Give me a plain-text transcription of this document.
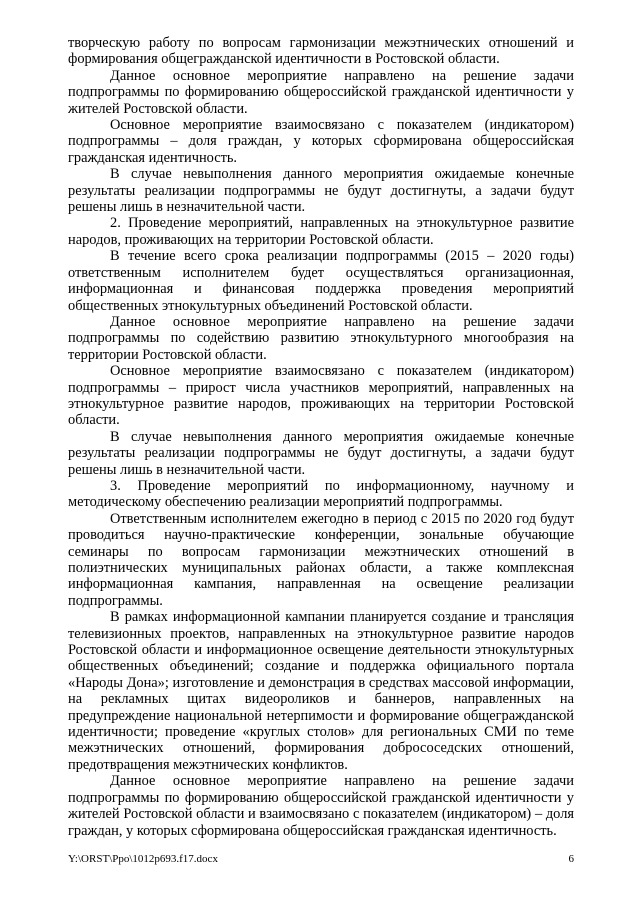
творческую работу по вопросам гармонизации межэтнических отношений и формирования общегражданской идентичности в Ростовской области.

Данное основное мероприятие направлено на решение задачи подпрограммы по формированию общероссийской гражданской идентичности у жителей Ростовской области.

Основное мероприятие взаимосвязано с показателем (индикатором) подпрограммы – доля граждан, у которых сформирована общероссийская гражданская идентичность.

В случае невыполнения данного мероприятия ожидаемые конечные результаты реализации подпрограммы не будут достигнуты, а задачи будут решены лишь в незначительной части.

2. Проведение мероприятий, направленных на этнокультурное развитие народов, проживающих на территории Ростовской области.

В течение всего срока реализации подпрограммы (2015 – 2020 годы) ответственным исполнителем будет осуществляться организационная, информационная и финансовая поддержка проведения мероприятий общественных этнокультурных объединений Ростовской области.

Данное основное мероприятие направлено на решение задачи подпрограммы по содействию развитию этнокультурного многообразия на территории Ростовской области.

Основное мероприятие взаимосвязано с показателем (индикатором) подпрограммы – прирост числа участников мероприятий, направленных на этнокультурное развитие народов, проживающих на территории Ростовской области.

В случае невыполнения данного мероприятия ожидаемые конечные результаты реализации подпрограммы не будут достигнуты, а задачи будут решены лишь в незначительной части.

3. Проведение мероприятий по информационному, научному и методическому обеспечению реализации мероприятий подпрограммы.

Ответственным исполнителем ежегодно в период с 2015 по 2020 год будут проводиться научно-практические конференции, зональные обучающие семинары по вопросам гармонизации межэтнических отношений в полиэтнических муниципальных районах области, а также комплексная информационная кампания, направленная на освещение реализации подпрограммы.

В рамках информационной кампании планируется создание и трансляция телевизионных проектов, направленных на этнокультурное развитие народов Ростовской области и информационное освещение деятельности этнокультурных общественных объединений; создание и поддержка официального портала «Народы Дона»; изготовление и демонстрация в средствах массовой информации, на рекламных щитах видеороликов и баннеров, направленных на предупреждение национальной нетерпимости и формирование общегражданской идентичности; проведение «круглых столов» для региональных СМИ по теме межэтнических отношений, формирования добрососедских отношений, предотвращения межэтнических конфликтов.

Данное основное мероприятие направлено на решение задачи подпрограммы по формированию общероссийской гражданской идентичности у жителей Ростовской области и взаимосвязано с показателем (индикатором) – доля граждан, у которых сформирована общероссийская гражданская идентичность.

Y:\ORST\Ppo\1012p693.f17.docx	6
